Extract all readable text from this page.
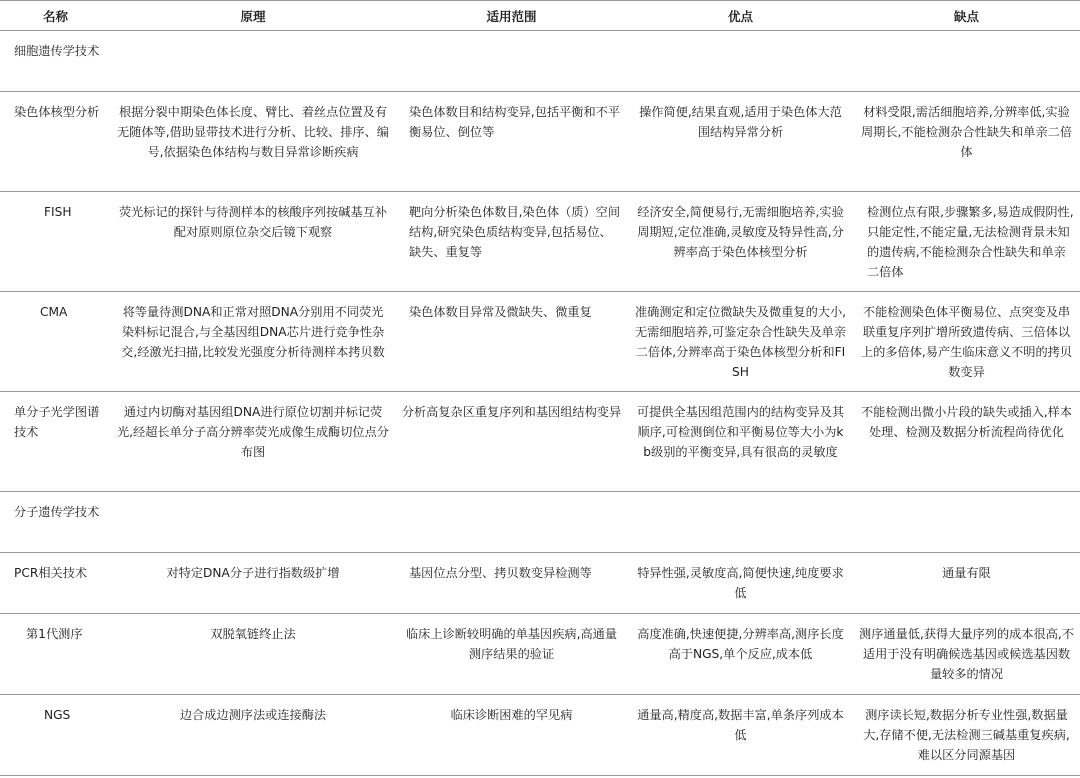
名称	原理	适用范围	优点	缺点
细胞遗传学技术				
染色体核型分析	根据分裂中期染色体长度、臂比、着丝点位置及有无随体等,借助显带技术进行分析、比较、排序、编号,依据染色体结构与数目异常诊断疾病	染色体数目和结构变异,包括平衡和不平衡易位、倒位等	操作简便,结果直观,适用于染色体大范围结构异常分析	材料受限,需活细胞培养,分辨率低,实验周期长,不能检测杂合性缺失和单亲二倍体
FISH	荧光标记的探针与待测样本的核酸序列按碱基互补配对原则原位杂交后镜下观察	靶向分析染色体数目,染色体（质）空间结构,研究染色质结构变异,包括易位、缺失、重复等	经济安全,简便易行,无需细胞培养,实验周期短,定位准确,灵敏度及特异性高,分辨率高于染色体核型分析	检测位点有限,步骤繁多,易造成假阴性,只能定性,不能定量,无法检测背景未知的遗传病,不能检测杂合性缺失和单亲二倍体
CMA	将等量待测DNA和正常对照DNA分别用不同荧光染料标记混合,与全基因组DNA芯片进行竞争性杂交,经激光扫描,比较发光强度分析待测样本拷贝数	染色体数目异常及微缺失、微重复	准确测定和定位微缺失及微重复的大小,无需细胞培养,可鉴定杂合性缺失及单亲二倍体,分辨率高于染色体核型分析和FISH	不能检测染色体平衡易位、点突变及串联重复序列扩增所致遗传病、三倍体以上的多倍体,易产生临床意义不明的拷贝数变异
单分子光学图谱技术	通过内切酶对基因组DNA进行原位切割并标记荧光,经超长单分子高分辨率荧光成像生成酶切位点分布图	分析高复杂区重复序列和基因组结构变异	可提供全基因组范围内的结构变异及其顺序,可检测倒位和平衡易位等大小为kb级别的平衡变异,具有很高的灵敏度	不能检测出微小片段的缺失或插入,样本处理、检测及数据分析流程尚待优化
分子遗传学技术				
PCR相关技术	对特定DNA分子进行指数级扩增	基因位点分型、拷贝数变异检测等	特异性强,灵敏度高,简便快速,纯度要求低	通量有限
第1代测序	双脱氧链终止法	临床上诊断较明确的单基因疾病,高通量测序结果的验证	高度准确,快速便捷,分辨率高,测序长度高于NGS,单个反应,成本低	测序通量低,获得大量序列的成本很高,不适用于没有明确候选基因或候选基因数量较多的情况
NGS	边合成边测序法或连接酶法	临床诊断困难的罕见病	通量高,精度高,数据丰富,单条序列成本低	测序读长短,数据分析专业性强,数据量大,存储不便,无法检测三碱基重复疾病,难以区分同源基因
